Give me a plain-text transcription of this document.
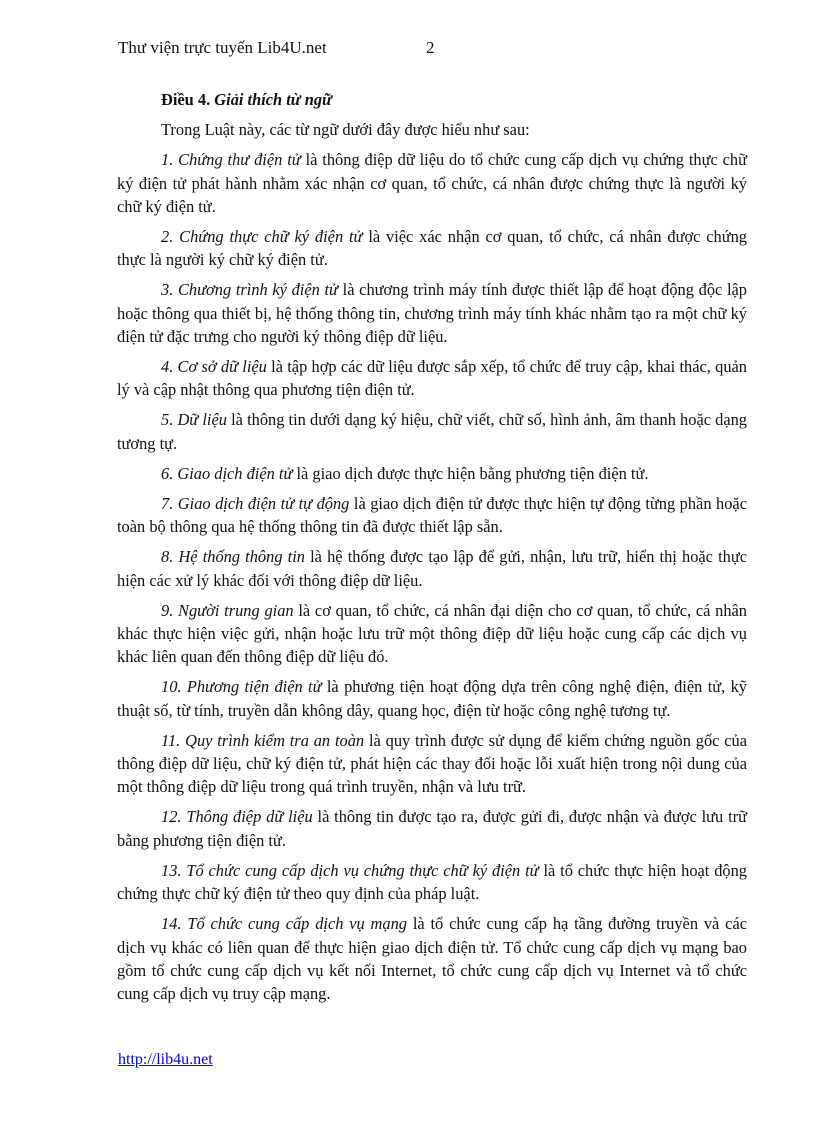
Thư viện trực tuyến Lib4U.net	2

Điều 4. Giải thích từ ngữ

Trong Luật này, các từ ngữ dưới đây được hiểu như sau:

1. Chứng thư điện tử là thông điệp dữ liệu do tổ chức cung cấp dịch vụ chứng thực chữ ký điện tử phát hành nhằm xác nhận cơ quan, tổ chức, cá nhân được chứng thực là người ký chữ ký điện tử.

2. Chứng thực chữ ký điện tử là việc xác nhận cơ quan, tổ chức, cá nhân được chứng thực là người ký chữ ký điện tử.

3. Chương trình ký điện tử là chương trình máy tính được thiết lập để hoạt động độc lập hoặc thông qua thiết bị, hệ thống thông tin, chương trình máy tính khác nhằm tạo ra một chữ ký điện tử đặc trưng cho người ký thông điệp dữ liệu.

4. Cơ sở dữ liệu là tập hợp các dữ liệu được sắp xếp, tổ chức để truy cập, khai thác, quản lý và cập nhật thông qua phương tiện điện tử.

5. Dữ liệu là thông tin dưới dạng ký hiệu, chữ viết, chữ số, hình ảnh, âm thanh hoặc dạng tương tự.

6. Giao dịch điện tử là giao dịch được thực hiện bằng phương tiện điện tử.

7. Giao dịch điện tử tự động là giao dịch điện tử được thực hiện tự động từng phần hoặc toàn bộ thông qua hệ thống thông tin đã được thiết lập sẵn.

8. Hệ thống thông tin là hệ thống được tạo lập để gửi, nhận, lưu trữ, hiển thị hoặc thực hiện các xử lý khác đối với thông điệp dữ liệu.

9. Người trung gian là cơ quan, tổ chức, cá nhân đại diện cho cơ quan, tổ chức, cá nhân khác thực hiện việc gửi, nhận hoặc lưu trữ một thông điệp dữ liệu hoặc cung cấp các dịch vụ khác liên quan đến thông điệp dữ liệu đó.

10. Phương tiện điện tử là phương tiện hoạt động dựa trên công nghệ điện, điện tử, kỹ thuật số, từ tính, truyền dẫn không dây, quang học, điện từ hoặc công nghệ tương tự.

11. Quy trình kiểm tra an toàn là quy trình được sử dụng để kiểm chứng nguồn gốc của thông điệp dữ liệu, chữ ký điện tử, phát hiện các thay đổi hoặc lỗi xuất hiện trong nội dung của một thông điệp dữ liệu trong quá trình truyền, nhận và lưu trữ.

12. Thông điệp dữ liệu là thông tin được tạo ra, được gửi đi, được nhận và được lưu trữ bằng phương tiện điện tử.

13. Tổ chức cung cấp dịch vụ chứng thực chữ ký điện tử là tổ chức thực hiện hoạt động chứng thực chữ ký điện tử theo quy định của pháp luật.

14. Tổ chức cung cấp dịch vụ mạng là tổ chức cung cấp hạ tầng đường truyền và các dịch vụ khác có liên quan để thực hiện giao dịch điện tử. Tổ chức cung cấp dịch vụ mạng bao gồm tổ chức cung cấp dịch vụ kết nối Internet, tổ chức cung cấp dịch vụ Internet và tổ chức cung cấp dịch vụ truy cập mạng.

http://lib4u.net
